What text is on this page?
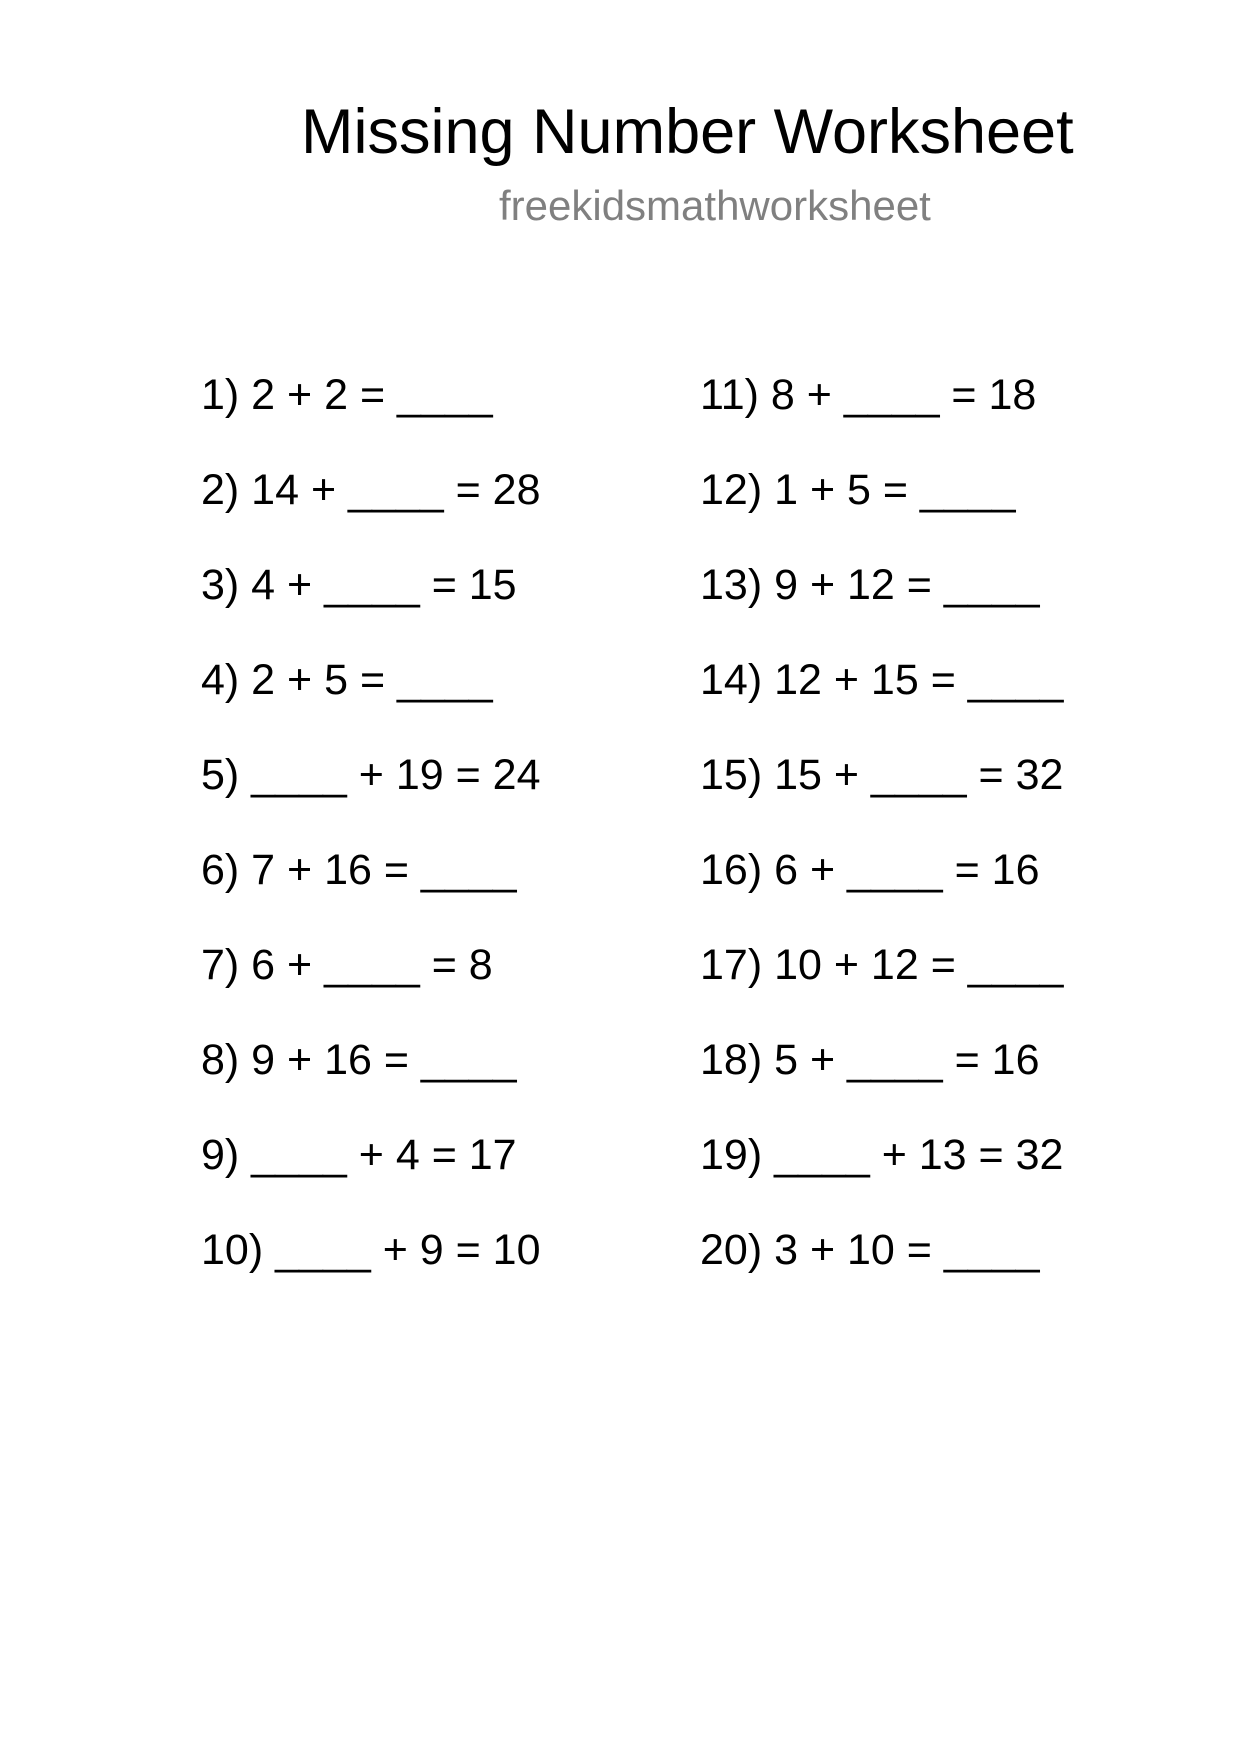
Missing Number Worksheet
freekidsmathworksheet
1) 2 + 2 = ____
2) 14 + ____ = 28
3) 4 + ____ = 15
4) 2 + 5 = ____
5) ____ + 19 = 24
6) 7 + 16 = ____
7) 6 + ____ = 8
8) 9 + 16 = ____
9) ____ + 4 = 17
10) ____ + 9 = 10
11) 8 + ____ = 18
12) 1 + 5 = ____
13) 9 + 12 = ____
14) 12 + 15 = ____
15) 15 + ____ = 32
16) 6 + ____ = 16
17) 10 + 12 = ____
18) 5 + ____ = 16
19) ____ + 13 = 32
20) 3 + 10 = ____
